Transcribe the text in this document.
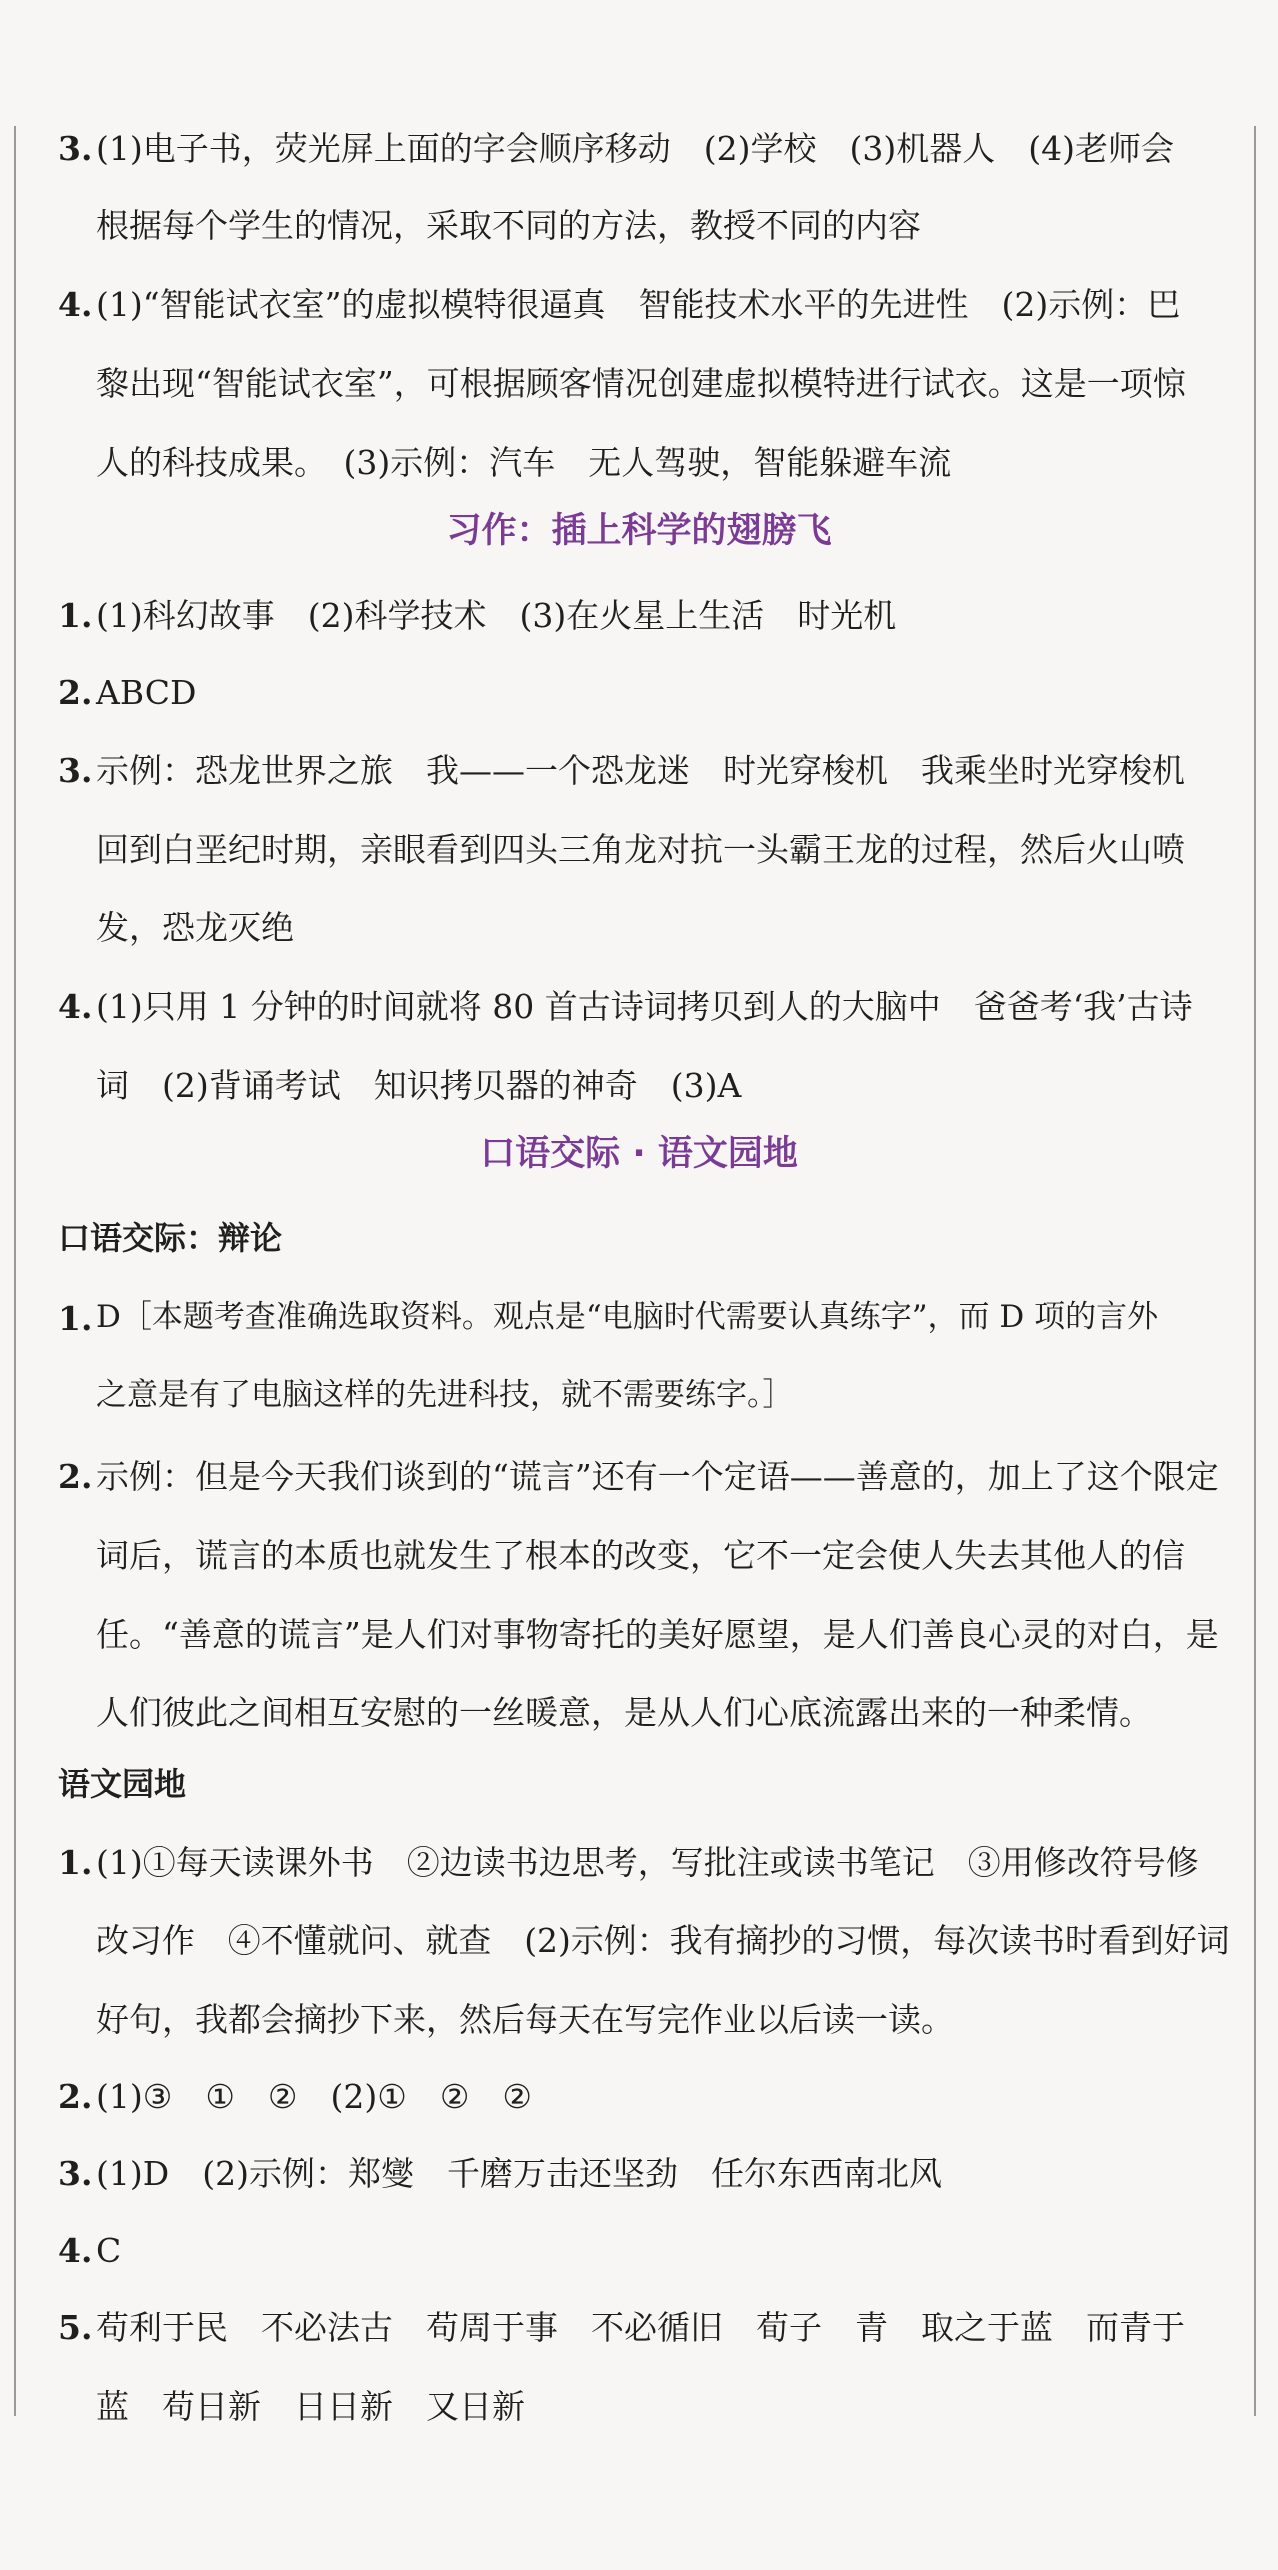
3. (1)电子书，荧光屏上面的字会顺序移动　(2)学校　(3)机器人　(4)老师会
根据每个学生的情况，采取不同的方法，教授不同的内容
4. (1)“智能试衣室”的虚拟模特很逼真　智能技术水平的先进性　(2)示例：巴
黎出现“智能试衣室”，可根据顾客情况创建虚拟模特进行试衣。这是一项惊
人的科技成果。　(3)示例：汽车　无人驾驶，智能躲避车流
习作：插上科学的翅膀飞
1. (1)科幻故事　(2)科学技术　(3)在火星上生活　时光机
2. ABCD
3. 示例：恐龙世界之旅　我——一个恐龙迷　时光穿梭机　我乘坐时光穿梭机
回到白垩纪时期，亲眼看到四头三角龙对抗一头霸王龙的过程，然后火山喷
发，恐龙灭绝
4. (1)只用 1 分钟的时间就将 80 首古诗词拷贝到人的大脑中　爸爸考‘我’古诗
词　(2)背诵考试　知识拷贝器的神奇　(3)A
口语交际 · 语文园地
口语交际：辩论
1. D［本题考查准确选取资料。观点是“电脑时代需要认真练字”，而 D 项的言外
之意是有了电脑这样的先进科技，就不需要练字。］
2. 示例：但是今天我们谈到的“谎言”还有一个定语——善意的，加上了这个限定
词后，谎言的本质也就发生了根本的改变，它不一定会使人失去其他人的信
任。“善意的谎言”是人们对事物寄托的美好愿望，是人们善良心灵的对白，是
人们彼此之间相互安慰的一丝暖意，是从人们心底流露出来的一种柔情。
语文园地
1. (1)①每天读课外书　②边读书边思考，写批注或读书笔记　③用修改符号修
改习作　④不懂就问、就查　(2)示例：我有摘抄的习惯，每次读书时看到好词
好句，我都会摘抄下来，然后每天在写完作业以后读一读。
2. (1)③　①　②　(2)①　②　②
3. (1)D　(2)示例：郑燮　千磨万击还坚劲　任尔东西南北风
4. C
5. 苟利于民　不必法古　苟周于事　不必循旧　荀子　青　取之于蓝　而青于
蓝　苟日新　日日新　又日新
